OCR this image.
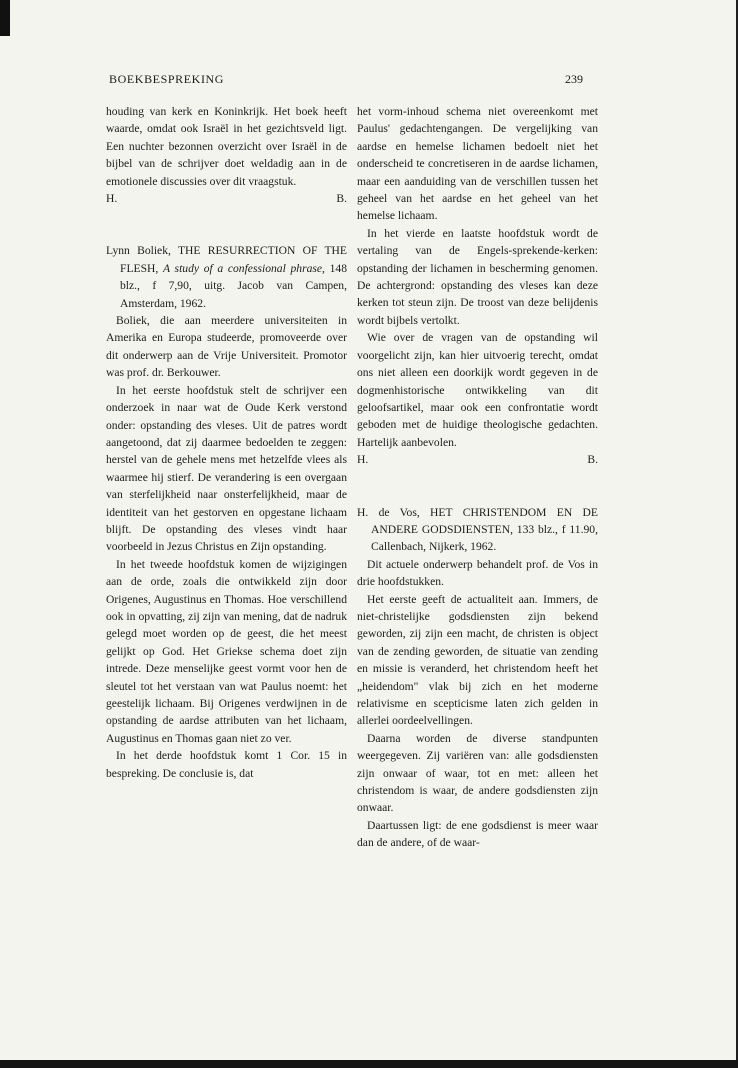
BOEKBESPREKING	239

houding van kerk en Koninkrijk. Het boek heeft waarde, omdat ook Israël in het gezichtsveld ligt. Een nuchter bezonnen overzicht over Israël in de bijbel van de schrijver doet weldadig aan in de emotionele discussies over dit vraagstuk.

H.	B.

Lynn Boliek, THE RESURRECTION OF THE FLESH, A study of a confessional phrase, 148 blz., f 7,90, uitg. Jacob van Campen, Amsterdam, 1962.

Boliek, die aan meerdere universiteiten in Amerika en Europa studeerde, promoveerde over dit onderwerp aan de Vrije Universiteit. Promotor was prof. dr. Berkouwer.

In het eerste hoofdstuk stelt de schrijver een onderzoek in naar wat de Oude Kerk verstond onder: opstanding des vleses. Uit de patres wordt aangetoond, dat zij daarmee bedoelden te zeggen: herstel van de gehele mens met hetzelfde vlees als waarmee hij stierf. De verandering is een overgaan van sterfelijkheid naar onsterfelijkheid, maar de identiteit van het gestorven en opgestane lichaam blijft. De opstanding des vleses vindt haar voorbeeld in Jezus Christus en Zijn opstanding.

In het tweede hoofdstuk komen de wijzigingen aan de orde, zoals die ontwikkeld zijn door Origenes, Augustinus en Thomas. Hoe verschillend ook in opvatting, zij zijn van mening, dat de nadruk gelegd moet worden op de geest, die het meest gelijkt op God. Het Griekse schema doet zijn intrede. Deze menselijke geest vormt voor hen de sleutel tot het verstaan van wat Paulus noemt: het geestelijk lichaam. Bij Origenes verdwijnen in de opstanding de aardse attributen van het lichaam, Augustinus en Thomas gaan niet zo ver.

In het derde hoofdstuk komt 1 Cor. 15 in bespreking. De conclusie is, dat

het vorm-inhoud schema niet overeenkomt met Paulus' gedachtengangen. De vergelijking van aardse en hemelse lichamen bedoelt niet het onderscheid te concretiseren in de aardse lichamen, maar een aanduiding van de verschillen tussen het geheel van het aardse en het geheel van het hemelse lichaam.

In het vierde en laatste hoofdstuk wordt de vertaling van de Engels-sprekende-kerken: opstanding der lichamen in bescherming genomen. De achtergrond: opstanding des vleses kan deze kerken tot steun zijn. De troost van deze belijdenis wordt bijbels vertolkt.

Wie over de vragen van de opstanding wil voorgelicht zijn, kan hier uitvoerig terecht, omdat ons niet alleen een doorkijk wordt gegeven in de dogmenhistorische ontwikkeling van dit geloofsartikel, maar ook een confrontatie wordt geboden met de huidige theologische gedachten. Hartelijk aanbevolen.

H.	B.

H. de Vos, HET CHRISTENDOM EN DE ANDERE GODSDIENSTEN, 133 blz., f 11.90, Callenbach, Nijkerk, 1962.

Dit actuele onderwerp behandelt prof. de Vos in drie hoofdstukken.

Het eerste geeft de actualiteit aan. Immers, de niet-christelijke godsdiensten zijn bekend geworden, zij zijn een macht, de christen is object van de zending geworden, de situatie van zending en missie is veranderd, het christendom heeft het „heidendom" vlak bij zich en het moderne relativisme en scepticisme laten zich gelden in allerlei oordeelvellingen.

Daarna worden de diverse standpunten weergegeven. Zij variëren van: alle godsdiensten zijn onwaar of waar, tot en met: alleen het christendom is waar, de andere godsdiensten zijn onwaar.

Daartussen ligt: de ene godsdienst is meer waar dan de andere, of de waar-
